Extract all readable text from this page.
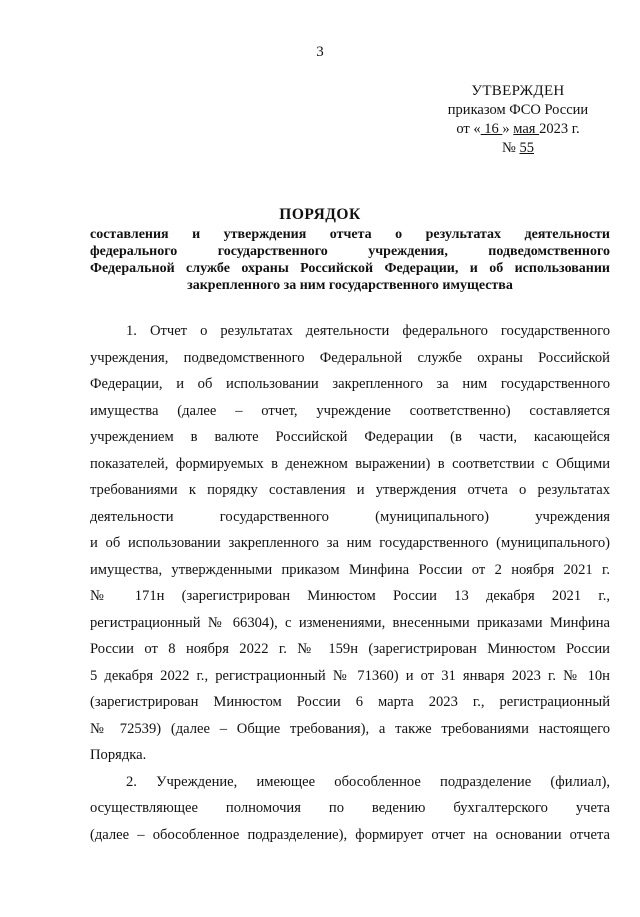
3
УТВЕРЖДЕН
приказом ФСО России
от « 16 » мая 2023 г.
№ 55
ПОРЯДОК
составления и утверждения отчета о результатах деятельности
федерального государственного учреждения, подведомственного
Федеральной службе охраны Российской Федерации, и об использовании
закрепленного за ним государственного имущества
1. Отчет о результатах деятельности федерального государственного
учреждения, подведомственного Федеральной службе охраны Российской
Федерации, и об использовании закрепленного за ним государственного
имущества (далее – отчет, учреждение соответственно) составляется
учреждением в валюте Российской Федерации (в части, касающейся
показателей, формируемых в денежном выражении) в соответствии с Общими
требованиями к порядку составления и утверждения отчета о результатах
деятельности государственного (муниципального) учреждения
и об использовании закрепленного за ним государственного (муниципального)
имущества, утвержденными приказом Минфина России от 2 ноября 2021 г.
№ 171н (зарегистрирован Минюстом России 13 декабря 2021 г.,
регистрационный № 66304), с изменениями, внесенными приказами Минфина
России от 8 ноября 2022 г. № 159н (зарегистрирован Минюстом России
5 декабря 2022 г., регистрационный № 71360) и от 31 января 2023 г. № 10н
(зарегистрирован Минюстом России 6 марта 2023 г., регистрационный
№ 72539) (далее – Общие требования), а также требованиями настоящего
Порядка.
2. Учреждение, имеющее обособленное подразделение (филиал),
осуществляющее полномочия по ведению бухгалтерского учета
(далее – обособленное подразделение), формирует отчет на основании отчета
